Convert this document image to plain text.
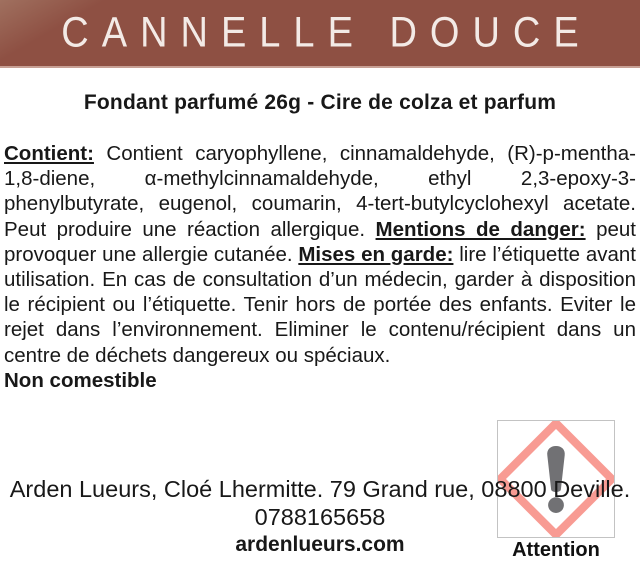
CANNELLE DOUCE
Fondant parfumé 26g - Cire de colza et parfum
Contient: Contient caryophyllene, cinnamaldehyde, (R)-p-mentha-1,8-diene, α-methylcinnamaldehyde, ethyl 2,3-epoxy-3-phenylbutyrate, eugenol, coumarin, 4-tert-butylcyclohexyl acetate. Peut produire une réaction allergique. Mentions de danger: peut provoquer une allergie cutanée. Mises en garde: lire l’étiquette avant utilisation. En cas de consultation d’un médecin, garder à disposition le récipient ou l’étiquette. Tenir hors de portée des enfants. Eviter le rejet dans l’environnement. Eliminer le contenu/récipient dans un centre de déchets dangereux ou spéciaux.
Non comestible
Attention
Arden Lueurs, Cloé Lhermitte. 79 Grand rue, 08800 Deville.
0788165658
ardenlueurs.com
